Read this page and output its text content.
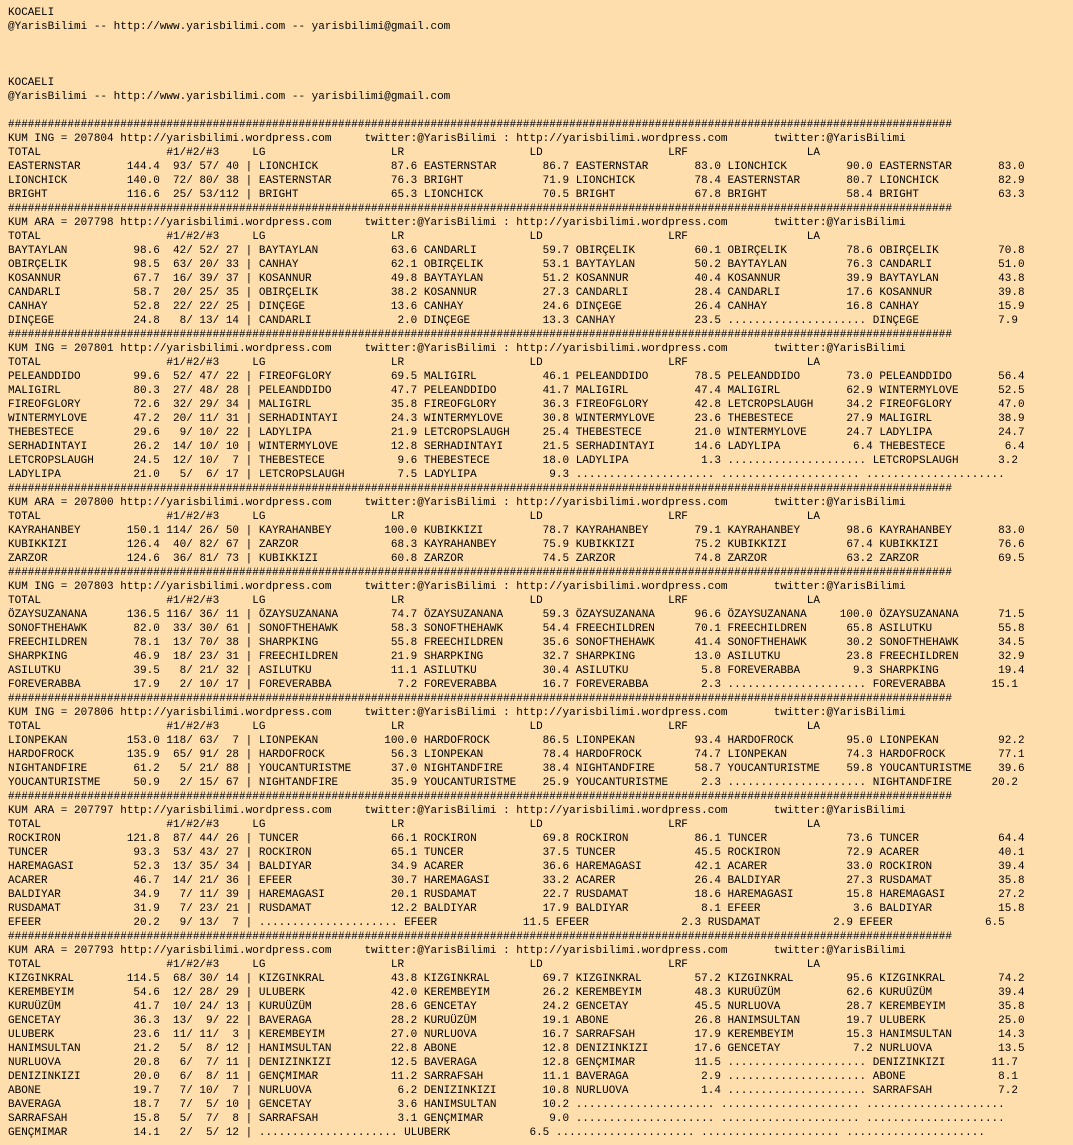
KOCAELI
@YarisBilimi -- http://www.yarisbilimi.com -- yarisbilimi@gmail.com
KOCAELI
@YarisBilimi -- http://www.yarisbilimi.com -- yarisbilimi@gmail.com
###############################################################################################################################################
KUM ING = 207804 http://yarisbilimi.wordpress.com     twitter:@YarisBilimi : http://yarisbilimi.wordpress.com       twitter:@YarisBilimi
TOTAL                   #1/#2/#3     LG                   LR                   LD                   LRF                  LA
EASTERNSTAR       144.4  93/ 57/ 40 | LIONCHICK           87.6 EASTERNSTAR       86.7 EASTERNSTAR       83.0 LIONCHICK         90.0 EASTERNSTAR       83.0
LIONCHICK         140.0  72/ 80/ 38 | EASTERNSTAR         76.3 BRIGHT            71.9 LIONCHICK         78.4 EASTERNSTAR       80.7 LIONCHICK         82.9
BRIGHT            116.6  25/ 53/112 | BRIGHT              65.3 LIONCHICK         70.5 BRIGHT            67.8 BRIGHT            58.4 BRIGHT            63.3
###############################################################################################################################################
KUM ARA = 207798 http://yarisbilimi.wordpress.com     twitter:@YarisBilimi : http://yarisbilimi.wordpress.com       twitter:@YarisBilimi
TOTAL                   #1/#2/#3     LG                   LR                   LD                   LRF                  LA
BAYTAYLAN          98.6  42/ 52/ 27 | BAYTAYLAN           63.6 CANDARLI          59.7 OBIRÇELIK         60.1 OBIRÇELIK         78.6 OBIRÇELIK         70.8
OBIRÇELIK          98.5  63/ 20/ 33 | CANHAY              62.1 OBIRÇELIK         53.1 BAYTAYLAN         50.2 BAYTAYLAN         76.3 CANDARLI          51.0
KOSANNUR           67.7  16/ 39/ 37 | KOSANNUR            49.8 BAYTAYLAN         51.2 KOSANNUR          40.4 KOSANNUR          39.9 BAYTAYLAN         43.8
CANDARLI           58.7  20/ 25/ 35 | OBIRÇELIK           38.2 KOSANNUR          27.3 CANDARLI          28.4 CANDARLI          17.6 KOSANNUR          39.8
CANHAY             52.8  22/ 22/ 25 | DINÇEGE             13.6 CANHAY            24.6 DINÇEGE           26.4 CANHAY            16.8 CANHAY            15.9
DINÇEGE            24.8   8/ 13/ 14 | CANDARLI             2.0 DINÇEGE           13.3 CANHAY            23.5 ..................... DINÇEGE            7.9
###############################################################################################################################################
KUM ING = 207801 http://yarisbilimi.wordpress.com     twitter:@YarisBilimi : http://yarisbilimi.wordpress.com       twitter:@YarisBilimi
TOTAL                   #1/#2/#3     LG                   LR                   LD                   LRF                  LA
PELEANDDIDO        99.6  52/ 47/ 22 | FIREOFGLORY         69.5 MALIGIRL          46.1 PELEANDDIDO       78.5 PELEANDDIDO       73.0 PELEANDDIDO       56.4
MALIGIRL           80.3  27/ 48/ 28 | PELEANDDIDO         47.7 PELEANDDIDO       41.7 MALIGIRL          47.4 MALIGIRL          62.9 WINTERMYLOVE      52.5
FIREOFGLORY        72.6  32/ 29/ 34 | MALIGIRL            35.8 FIREOFGLORY       36.3 FIREOFGLORY       42.8 LETCROPSLAUGH     34.2 FIREOFGLORY       47.0
WINTERMYLOVE       47.2  20/ 11/ 31 | SERHADINTAYI        24.3 WINTERMYLOVE      30.8 WINTERMYLOVE      23.6 THEBESTECE        27.9 MALIGIRL          38.9
THEBESTECE         29.6   9/ 10/ 22 | LADYLIPA            21.9 LETCROPSLAUGH     25.4 THEBESTECE        21.0 WINTERMYLOVE      24.7 LADYLIPA          24.7
SERHADINTAYI       26.2  14/ 10/ 10 | WINTERMYLOVE        12.8 SERHADINTAYI      21.5 SERHADINTAYI      14.6 LADYLIPA           6.4 THEBESTECE         6.4
LETCROPSLAUGH      24.5  12/ 10/  7 | THEBESTECE           9.6 THEBESTECE        18.0 LADYLIPA           1.3 ..................... LETCROPSLAUGH      3.2
LADYLIPA           21.0   5/  6/ 17 | LETCROPSLAUGH        7.5 LADYLIPA           9.3 ..................... ..................... .....................
###############################################################################################################################################
KUM ARA = 207800 http://yarisbilimi.wordpress.com     twitter:@YarisBilimi : http://yarisbilimi.wordpress.com       twitter:@YarisBilimi
TOTAL                   #1/#2/#3     LG                   LR                   LD                   LRF                  LA
KAYRAHANBEY       150.1 114/ 26/ 50 | KAYRAHANBEY        100.0 KUBIKKIZI         78.7 KAYRAHANBEY       79.1 KAYRAHANBEY       98.6 KAYRAHANBEY       83.0
KUBIKKIZI         126.4  40/ 82/ 67 | ZARZOR              68.3 KAYRAHANBEY       75.9 KUBIKKIZI         75.2 KUBIKKIZI         67.4 KUBIKKIZI         76.6
ZARZOR            124.6  36/ 81/ 73 | KUBIKKIZI           60.8 ZARZOR            74.5 ZARZOR            74.8 ZARZOR            63.2 ZARZOR            69.5
###############################################################################################################################################
KUM ING = 207803 http://yarisbilimi.wordpress.com     twitter:@YarisBilimi : http://yarisbilimi.wordpress.com       twitter:@YarisBilimi
TOTAL                   #1/#2/#3     LG                   LR                   LD                   LRF                  LA
ÖZAYSUZANANA      136.5 116/ 36/ 11 | ÖZAYSUZANANA        74.7 ÖZAYSUZANANA      59.3 ÖZAYSUZANANA      96.6 ÖZAYSUZANANA     100.0 ÖZAYSUZANANA      71.5
SONOFTHEHAWK       82.0  33/ 30/ 61 | SONOFTHEHAWK        58.3 SONOFTHEHAWK      54.4 FREECHILDREN      70.1 FREECHILDREN      65.8 ASILUTKU          55.8
FREECHILDREN       78.1  13/ 70/ 38 | SHARPKING           55.8 FREECHILDREN      35.6 SONOFTHEHAWK      41.4 SONOFTHEHAWK      30.2 SONOFTHEHAWK      34.5
SHARPKING          46.9  18/ 23/ 31 | FREECHILDREN        21.9 SHARPKING         32.7 SHARPKING         13.0 ASILUTKU          23.8 FREECHILDREN      32.9
ASILUTKU           39.5   8/ 21/ 32 | ASILUTKU            11.1 ASILUTKU          30.4 ASILUTKU           5.8 FOREVERABBA        9.3 SHARPKING         19.4
FOREVERABBA        17.9   2/ 10/ 17 | FOREVERABBA          7.2 FOREVERABBA       16.7 FOREVERABBA        2.3 ..................... FOREVERABBA       15.1
###############################################################################################################################################
KUM ING = 207806 http://yarisbilimi.wordpress.com     twitter:@YarisBilimi : http://yarisbilimi.wordpress.com       twitter:@YarisBilimi
TOTAL                   #1/#2/#3     LG                   LR                   LD                   LRF                  LA
LIONPEKAN         153.0 118/ 63/  7 | LIONPEKAN          100.0 HARDOFROCK        86.5 LIONPEKAN         93.4 HARDOFROCK        95.0 LIONPEKAN         92.2
HARDOFROCK        135.9  65/ 91/ 28 | HARDOFROCK          56.3 LIONPEKAN         78.4 HARDOFROCK        74.7 LIONPEKAN         74.3 HARDOFROCK        77.1
NIGHTANDFIRE       61.2   5/ 21/ 88 | YOUCANTURISTME      37.0 NIGHTANDFIRE      38.4 NIGHTANDFIRE      58.7 YOUCANTURISTME    59.8 YOUCANTURISTME    39.6
YOUCANTURISTME     50.9   2/ 15/ 67 | NIGHTANDFIRE        35.9 YOUCANTURISTME    25.9 YOUCANTURISTME     2.3 ..................... NIGHTANDFIRE      20.2
###############################################################################################################################################
KUM ARA = 207797 http://yarisbilimi.wordpress.com     twitter:@YarisBilimi : http://yarisbilimi.wordpress.com       twitter:@YarisBilimi
TOTAL                   #1/#2/#3     LG                   LR                   LD                   LRF                  LA
ROCKIRON          121.8  87/ 44/ 26 | TUNCER              66.1 ROCKIRON          69.8 ROCKIRON          86.1 TUNCER            73.6 TUNCER            64.4
TUNCER             93.3  53/ 43/ 27 | ROCKIRON            65.1 TUNCER            37.5 TUNCER            45.5 ROCKIRON          72.9 ACARER            40.1
HAREMAGASI         52.3  13/ 35/ 34 | BALDIYAR            34.9 ACARER            36.6 HAREMAGASI        42.1 ACARER            33.0 ROCKIRON          39.4
ACARER             46.7  14/ 21/ 36 | EFEER               30.7 HAREMAGASI        33.2 ACARER            26.4 BALDIYAR          27.3 RUSDAMAT          35.8
BALDIYAR           34.9   7/ 11/ 39 | HAREMAGASI          20.1 RUSDAMAT          22.7 RUSDAMAT          18.6 HAREMAGASI        15.8 HAREMAGASI        27.2
RUSDAMAT           31.9   7/ 23/ 21 | RUSDAMAT            12.2 BALDIYAR          17.9 BALDIYAR           8.1 EFEER              3.6 BALDIYAR          15.8
EFEER              20.2   9/ 13/  7 | ..................... EFEER             11.5 EFEER              2.3 RUSDAMAT           2.9 EFEER              6.5
###############################################################################################################################################
KUM ARA = 207793 http://yarisbilimi.wordpress.com     twitter:@YarisBilimi : http://yarisbilimi.wordpress.com       twitter:@YarisBilimi
TOTAL                   #1/#2/#3     LG                   LR                   LD                   LRF                  LA
KIZGINKRAL        114.5  68/ 30/ 14 | KIZGINKRAL          43.8 KIZGINKRAL        69.7 KIZGINKRAL        57.2 KIZGINKRAL        95.6 KIZGINKRAL        74.2
KEREMBEYIM         54.6  12/ 28/ 29 | ULUBERK             42.0 KEREMBEYIM        26.2 KEREMBEYIM        48.3 KURUÜZÜM          62.6 KURUÜZÜM          39.4
KURUÜZÜM           41.7  10/ 24/ 13 | KURUÜZÜM            28.6 GENCETAY          24.2 GENCETAY          45.5 NURLUOVA          28.7 KEREMBEYIM        35.8
GENCETAY           36.3  13/  9/ 22 | BAVERAGA            28.2 KURUÜZÜM          19.1 ABONE             26.8 HANIMSULTAN       19.7 ULUBERK           25.0
ULUBERK            23.6  11/ 11/  3 | KEREMBEYIM          27.0 NURLUOVA          16.7 SARRAFSAH         17.9 KEREMBEYIM        15.3 HANIMSULTAN       14.3
HANIMSULTAN        21.2   5/  8/ 12 | HANIMSULTAN         22.8 ABONE             12.8 DENIZINKIZI       17.6 GENCETAY           7.2 NURLUOVA          13.5
NURLUOVA           20.8   6/  7/ 11 | DENIZINKIZI         12.5 BAVERAGA          12.8 GENÇMIMAR         11.5 ..................... DENIZINKIZI       11.7
DENIZINKIZI        20.0   6/  8/ 11 | GENÇMIMAR           11.2 SARRAFSAH         11.1 BAVERAGA           2.9 ..................... ABONE              8.1
ABONE              19.7   7/ 10/  7 | NURLUOVA             6.2 DENIZINKIZI       10.8 NURLUOVA           1.4 ..................... SARRAFSAH          7.2
BAVERAGA           18.7   7/  5/ 10 | GENCETAY             3.6 HANIMSULTAN       10.2 ..................... ..................... .....................
SARRAFSAH          15.8   5/  7/  8 | SARRAFSAH            3.1 GENÇMIMAR          9.0 ..................... ..................... .....................
GENÇMIMAR          14.1   2/  5/ 12 | ..................... ULUBERK            6.5 ..................... ..................... .....................
